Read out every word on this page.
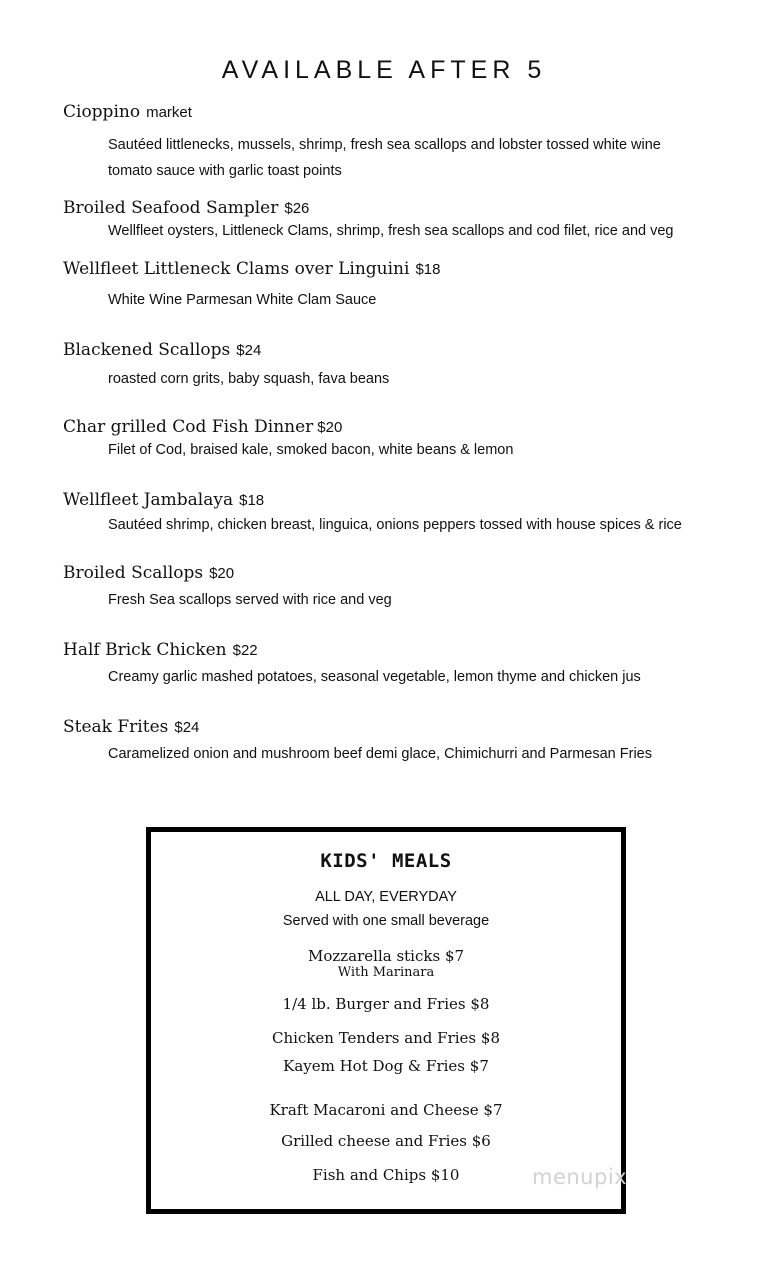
AVAILABLE AFTER 5

Cioppino market

Sautéed littlenecks, mussels, shrimp, fresh sea scallops and lobster tossed white wine

tomato sauce with garlic toast points

Broiled Seafood Sampler $26

Wellfleet oysters, Littleneck Clams, shrimp, fresh sea scallops and cod filet, rice and veg

Wellfleet Littleneck Clams over Linguini $18

White Wine Parmesan White Clam Sauce

Blackened Scallops $24

roasted corn grits, baby squash, fava beans

Char grilled Cod Fish Dinner $20

Filet of Cod, braised kale, smoked bacon, white beans & lemon

Wellfleet Jambalaya $18

Sautéed shrimp, chicken breast, linguica, onions peppers tossed with house spices & rice

Broiled Scallops $20

Fresh Sea scallops served with rice and veg

Half Brick Chicken $22

Creamy garlic mashed potatoes, seasonal vegetable, lemon thyme and chicken jus

Steak Frites $24

Caramelized onion and mushroom beef demi glace, Chimichurri and Parmesan Fries

KIDS' MEALS

ALL DAY, EVERYDAY

Served with one small beverage

Mozzarella sticks $7

With Marinara

1/4 lb. Burger and Fries $8

Chicken Tenders and Fries $8

Kayem Hot Dog & Fries $7

Kraft Macaroni and Cheese $7

Grilled cheese and Fries $6

Fish and Chips $10	menupix
